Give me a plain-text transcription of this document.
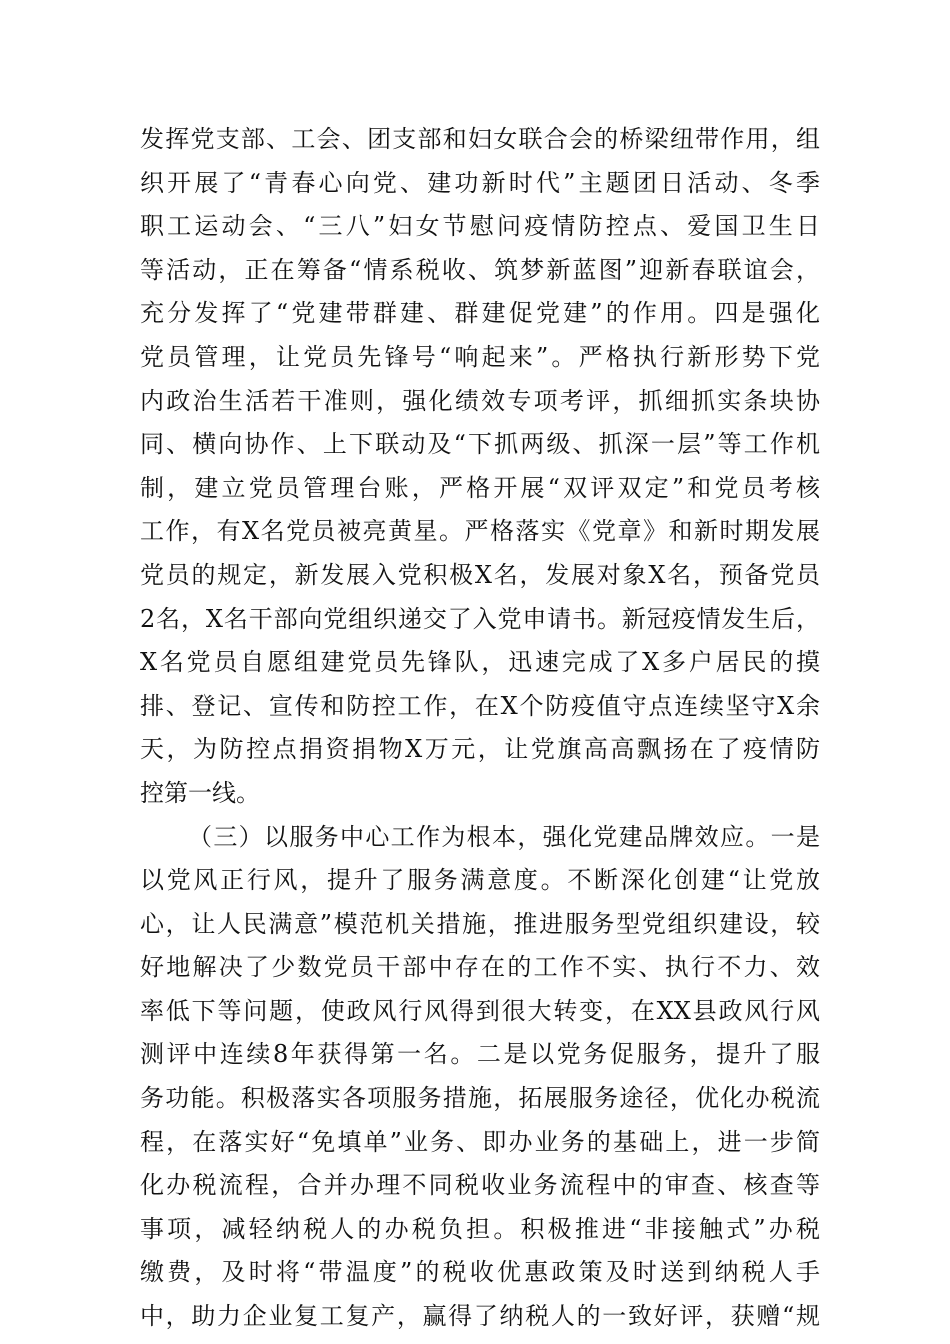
发挥党支部、工会、团支部和妇女联合会的桥梁纽带作用，组
织开展了“青春心向党、建功新时代”主题团日活动、冬季
职工运动会、“三八”妇女节慰问疫情防控点、爱国卫生日
等活动，正在筹备“情系税收、筑梦新蓝图”迎新春联谊会，
充分发挥了“党建带群建、群建促党建”的作用。四是强化
党员管理，让党员先锋号“响起来”。严格执行新形势下党
内政治生活若干准则，强化绩效专项考评，抓细抓实条块协
同、横向协作、上下联动及“下抓两级、抓深一层”等工作机
制，建立党员管理台账，严格开展“双评双定”和党员考核
工作，有X名党员被亮黄星。严格落实《党章》和新时期发展
党员的规定，新发展入党积极X名，发展对象X名，预备党员
2名，X名干部向党组织递交了入党申请书。新冠疫情发生后，
X名党员自愿组建党员先锋队，迅速完成了X多户居民的摸
排、登记、宣传和防控工作，在X个防疫值守点连续坚守X余
天，为防控点捐资捐物X万元，让党旗高高飘扬在了疫情防
控第一线。
（三）以服务中心工作为根本，强化党建品牌效应。一是
以党风正行风，提升了服务满意度。不断深化创建“让党放
心，让人民满意”模范机关措施，推进服务型党组织建设，较
好地解决了少数党员干部中存在的工作不实、执行不力、效
率低下等问题，使政风行风得到很大转变，在XX县政风行风
测评中连续8年获得第一名。二是以党务促服务，提升了服
务功能。积极落实各项服务措施，拓展服务途径，优化办税流
程，在落实好“免填单”业务、即办业务的基础上，进一步简
化办税流程，合并办理不同税收业务流程中的审查、核查等
事项，减轻纳税人的办税负担。积极推进“非接触式”办税
缴费，及时将“带温度”的税收优惠政策及时送到纳税人手
中，助力企业复工复产，赢得了纳税人的一致好评，获赠“规
